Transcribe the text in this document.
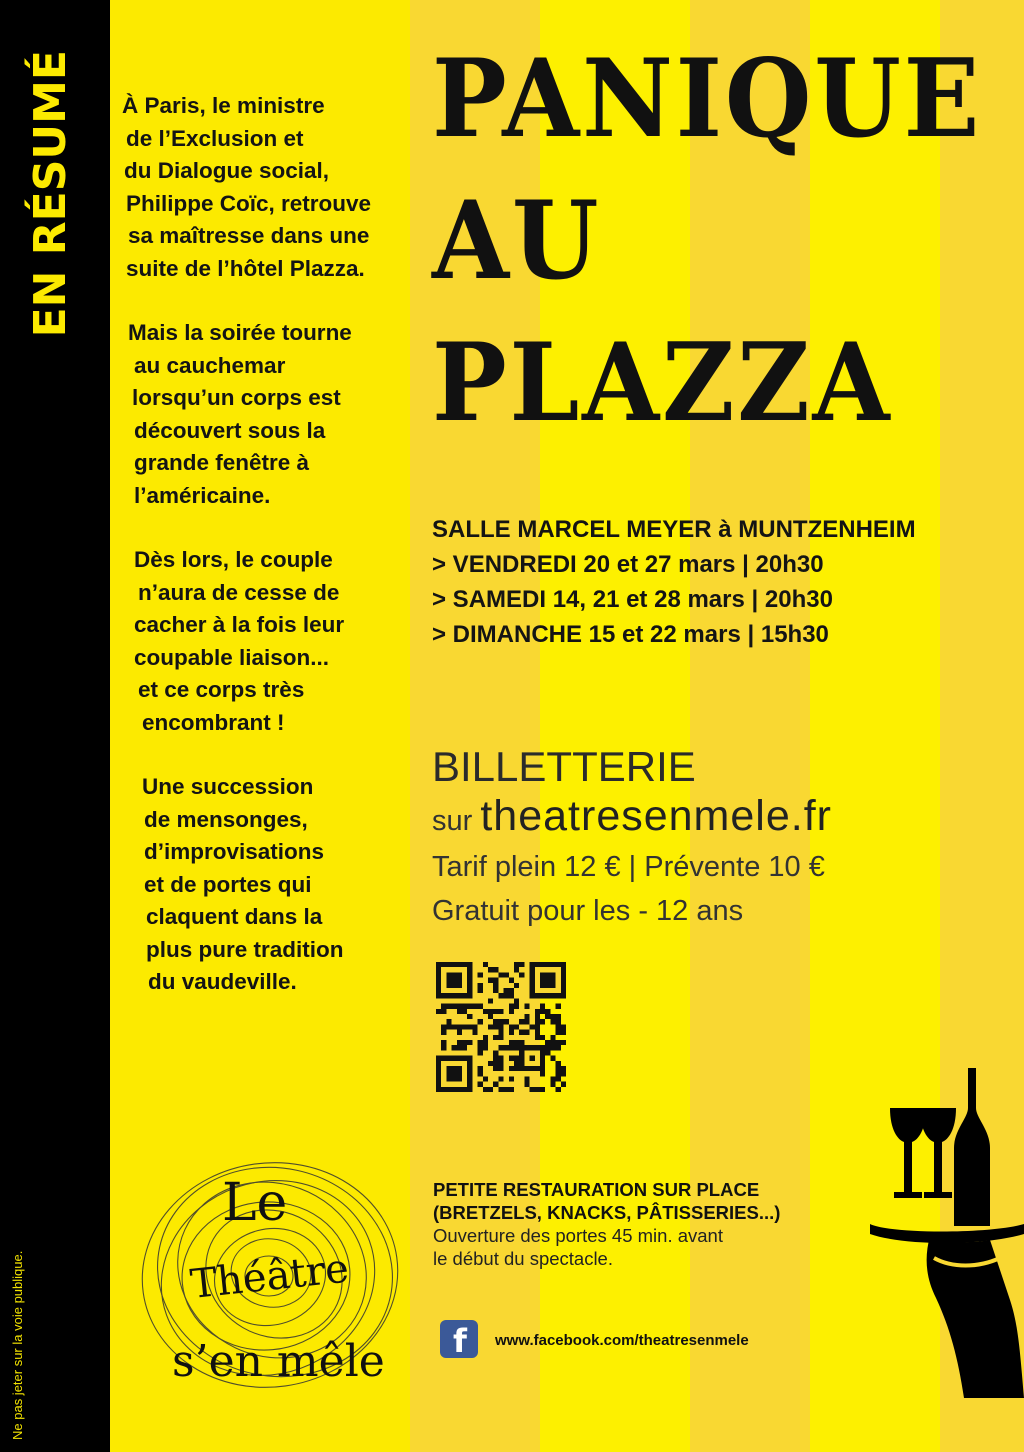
EN RÉSUMÉ
Ne pas jeter sur la voie publique.

À Paris, le ministre
de l’Exclusion et
du Dialogue social,
Philippe Coïc, retrouve
sa maîtresse dans une
suite de l’hôtel Plazza.

Mais la soirée tourne
au cauchemar
lorsqu’un corps est
découvert sous la
grande fenêtre à
l’américaine.

Dès lors, le couple
n’aura de cesse de
cacher à la fois leur
coupable liaison...
et ce corps très
encombrant !

Une succession
de mensonges,
d’improvisations
et de portes qui
claquent dans la
plus pure tradition
du vaudeville.

PANIQUE
AU
PLAZZA
SALLE MARCEL MEYER à MUNTZENHEIM
> VENDREDI 20 et 27 mars | 20h30
> SAMEDI 14, 21 et 28 mars | 20h30
> DIMANCHE 15 et 22 mars | 15h30
BILLETTERIE
sur theatresenmele.fr
Tarif plein 12 € | Prévente 10 €
Gratuit pour les - 12 ans
PETITE RESTAURATION SUR PLACE
(BRETZELS, KNACKS, PÂTISSERIES...)
Ouverture des portes 45 min. avant
le début du spectacle.
f www.facebook.com/theatresenmele
Le
Théâtre
s’en mêle
